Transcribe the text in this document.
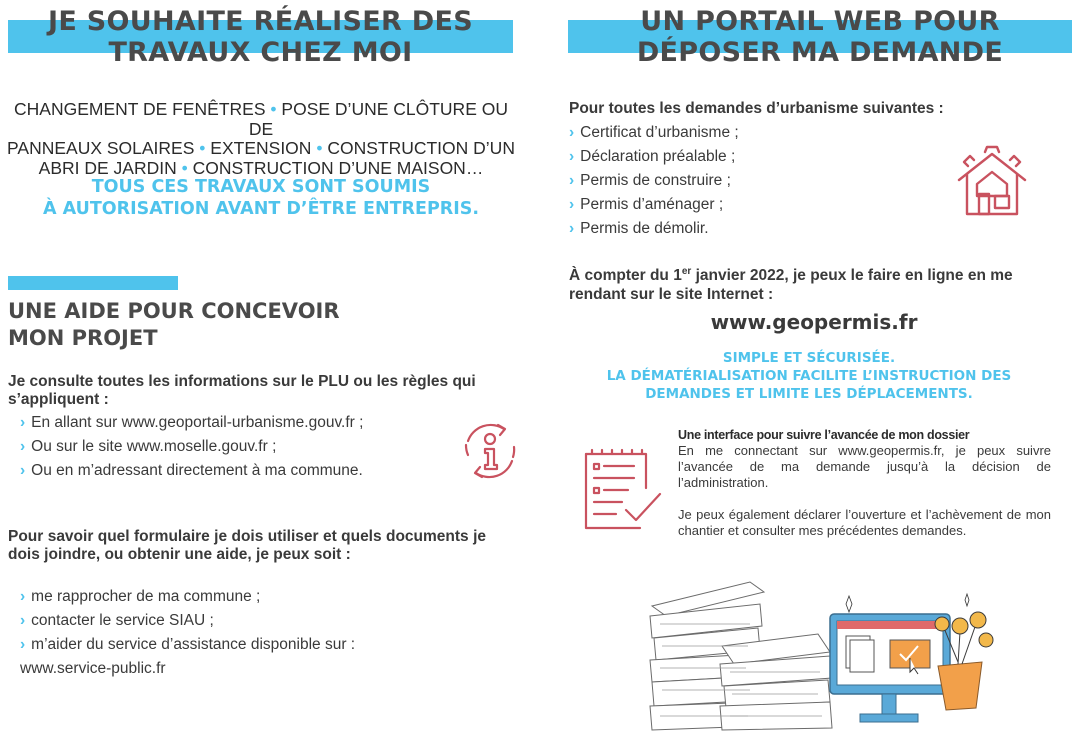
JE SOUHAITE RÉALISER DES
TRAVAUX CHEZ MOI
CHANGEMENT DE FENÊTRES • POSE D’UNE CLÔTURE OU DE
PANNEAUX SOLAIRES • EXTENSION • CONSTRUCTION D’UN
ABRI DE JARDIN • CONSTRUCTION D’UNE MAISON…
TOUS CES TRAVAUX SONT SOUMIS
À AUTORISATION AVANT D’ÊTRE ENTREPRIS.
UNE AIDE POUR CONCEVOIR
MON PROJET
Je consulte toutes les informations sur le PLU ou les règles qui s’appliquent :
› En allant sur www.geoportail-urbanisme.gouv.fr ;
› Ou sur le site www.moselle.gouv.fr ;
› Ou en m’adressant directement à ma commune.
Pour savoir quel formulaire je dois utiliser et quels documents je dois joindre, ou obtenir une aide, je peux soit :
› me rapprocher de ma commune ;
› contacter le service SIAU ;
› m’aider du service d’assistance disponible sur :
www.service-public.fr
UN PORTAIL WEB POUR
DÉPOSER MA DEMANDE
Pour toutes les demandes d’urbanisme suivantes :
› Certificat d’urbanisme ;
› Déclaration préalable ;
› Permis de construire ;
› Permis d’aménager ;
› Permis de démolir.
À compter du 1er janvier 2022, je peux le faire en ligne en me rendant sur le site Internet :
www.geopermis.fr
SIMPLE ET SÉCURISÉE.
LA DÉMATÉRIALISATION FACILITE L’INSTRUCTION DES
DEMANDES ET LIMITE LES DÉPLACEMENTS.
Une interface pour suivre l’avancée de mon dossier
En me connectant sur www.geopermis.fr, je peux suivre l’avancée de ma demande jusqu’à la décision de l’administration.
Je peux également déclarer l’ouverture et l’achèvement de mon chantier et consulter mes précédentes demandes.
